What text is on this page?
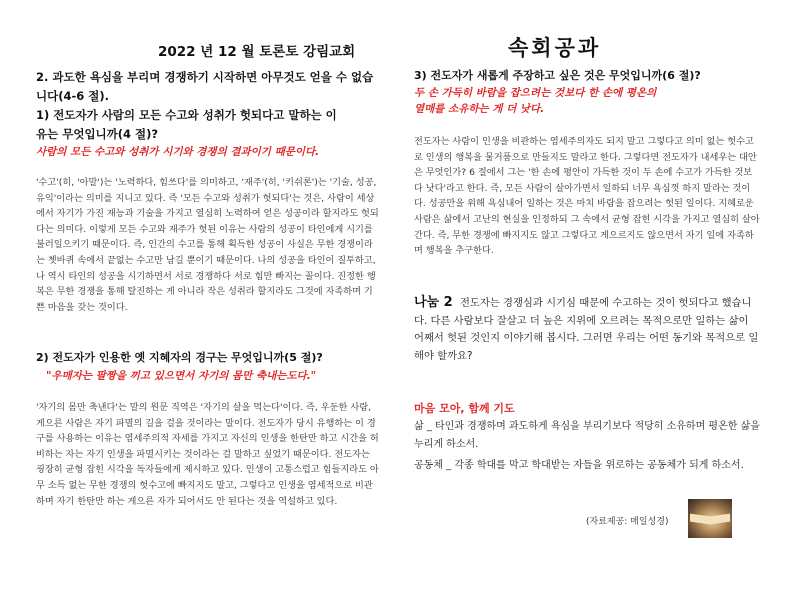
2022 년 12 월 토론토 강림교회	속회공과

2. 과도한 욕심을 부리며 경쟁하기 시작하면 아무것도 얻을 수 없습니다(4-6 절).

1) 전도자가 사람의 모든 수고와 성취가 헛되다고 말하는 이유는 무엇입니까(4 절)?

사람의 모든 수고와 성취가 시기와 경쟁의 결과이기 때문이다.

'수고'(히, '아말')는 '노력하다, 힘쓰다'를 의미하고, '재주'(히, '키쉬론')는 '기술, 성공, 유익'이라는 의미를 지니고 있다. 즉 '모든 수고와 성취가 헛되다'는 것은, 사람이 세상에서 자기가 가진 재능과 기술을 가지고 열심히 노력하여 얻은 성공이라 할지라도 헛되다는 의미다. 이렇게 모든 수고와 재주가 헛된 이유는 사람의 성공이 타인에게 시기를 불러일으키기 때문이다. 즉, 인간의 수고를 통해 획득한 성공이 사실은 무한 경쟁이라는 쳇바퀴 속에서 끝없는 수고만 남길 뿐이기 때문이다. 나의 성공을 타인이 질투하고, 나 역시 타인의 성공을 시기하면서 서로 경쟁하다 서로 힘만 빠지는 꼴이다. 진정한 행복은 무한 경쟁을 통해 탈진하는 게 아니라 작은 성취라 할지라도 그것에 자족하며 기쁜 마음을 갖는 것이다.

2) 전도자가 인용한 옛 지혜자의 경구는 무엇입니까(5 절)?

"우매자는 팔짱을 끼고 있으면서 자기의 몸만 축내는도다."

'자기의 몸만 축낸다'는 말의 원문 직역은 '자기의 살을 먹는다'이다. 즉, 우둔한 사람, 게으른 사람은 자기 파멸의 길을 걸을 것이라는 말이다. 전도자가 당시 유행하는 이 경구를 사용하는 이유는 염세주의적 자세를 가지고 자신의 인생을 한탄만 하고 시간을 허비하는 자는 자기 인생을 파멸시키는 것이라는 걸 말하고 싶었기 때문이다. 전도자는 굉장히 균형 잡힌 시각을 독자들에게 제시하고 있다. 인생이 고통스럽고 힘들지라도 아무 소득 없는 무한 경쟁의 헛수고에 빠지지도 말고, 그렇다고 인생을 염세적으로 비관하며 자기 한탄만 하는 게으른 자가 되어서도 안 된다는 것을 역설하고 있다.

3) 전도자가 새롭게 주장하고 싶은 것은 무엇입니까(6 절)?

두 손 가득히 바람을 잡으려는 것보다 한 손에 평온의 열매를 소유하는 게 더 낫다.

전도자는 사람이 인생을 비관하는 염세주의자도 되지 말고 그렇다고 의미 없는 헛수고로 인생의 행복을 물거품으로 만들지도 말라고 한다. 그렇다면 전도자가 내세우는 대안은 무엇인가? 6 절에서 그는 '한 손에 평안이 가득한 것이 두 손에 수고가 가득한 것보다 낫다'라고 한다. 즉, 모든 사람이 살아가면서 일하되 너무 욕심껏 하지 말라는 것이다. 성공만을 위해 욕심내어 일하는 것은 마치 바람을 잡으려는 헛된 일이다. 지혜로운 사람은 삶에서 고난의 현실을 인정하되 그 속에서 균형 잡힌 시각을 가지고 열심히 살아간다. 즉, 무한 경쟁에 빠지지도 않고 그렇다고 게으르지도 않으면서 자기 일에 자족하며 행복을 추구한다.

나눔 2 전도자는 경쟁심과 시기심 때문에 수고하는 것이 헛되다고 했습니다. 다른 사람보다 잘살고 더 높은 지위에 오르려는 목적으로만 일하는 삶이 어째서 헛된 것인지 이야기해 봅시다. 그러면 우리는 어떤 동기와 목적으로 일해야 할까요?

마음 모아, 함께 기도

삶 _ 타인과 경쟁하며 과도하게 욕심을 부리기보다 적당히 소유하며 평온한 삶을 누리게 하소서.

공동체 _ 각종 학대를 막고 학대받는 자들을 위로하는 공동체가 되게 하소서.

(자료제공: 매일성경)
